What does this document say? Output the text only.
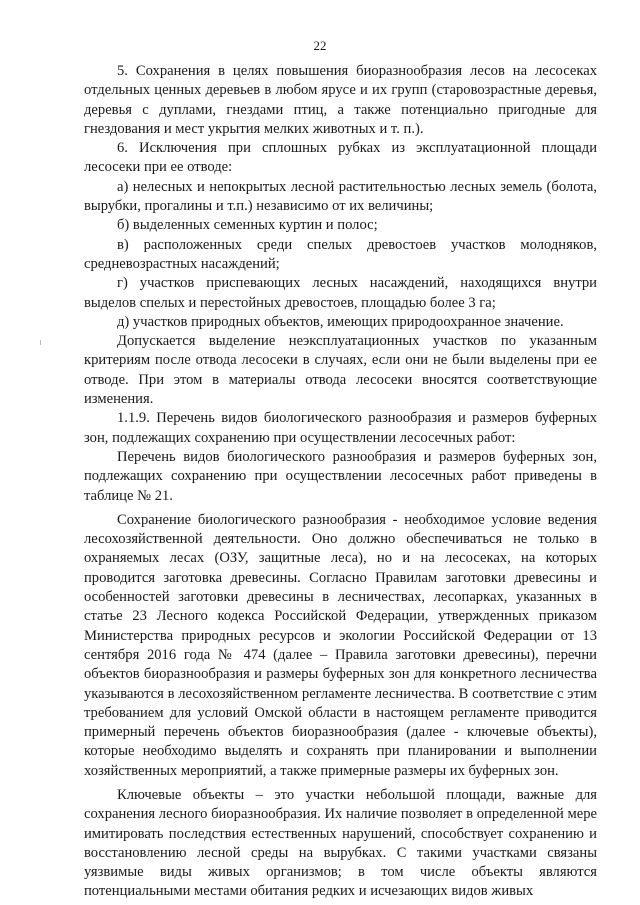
22

5. Сохранения в целях повышения биоразнообразия лесов на лесосеках отдельных ценных деревьев в любом ярусе и их групп (старовозрастные деревья, деревья с дуплами, гнездами птиц, а также потенциально пригодные для гнездования и мест укрытия мелких животных и т. п.).

6. Исключения при сплошных рубках из эксплуатационной площади лесосеки при ее отводе:

а) нелесных и непокрытых лесной растительностью лесных земель (болота, вырубки, прогалины и т.п.) независимо от их величины;

б) выделенных семенных куртин и полос;

в) расположенных среди спелых древостоев участков молодняков, средневозрастных насаждений;

г) участков приспевающих лесных насаждений, находящихся внутри выделов спелых и перестойных древостоев, площадью более 3 га;

д) участков природных объектов, имеющих природоохранное значение.

Допускается выделение неэксплуатационных участков по указанным критериям после отвода лесосеки в случаях, если они не были выделены при ее отводе. При этом в материалы отвода лесосеки вносятся соответствующие изменения.

1.1.9. Перечень видов биологического разнообразия и размеров буферных зон, подлежащих сохранению при осуществлении лесосечных работ:

Перечень видов биологического разнообразия и размеров буферных зон, подлежащих сохранению при осуществлении лесосечных работ приведены в таблице № 21.

Сохранение биологического разнообразия - необходимое условие ведения лесохозяйственной деятельности. Оно должно обеспечиваться не только в охраняемых лесах (ОЗУ, защитные леса), но и на лесосеках, на которых проводится заготовка древесины. Согласно Правилам заготовки древесины и особенностей заготовки древесины в лесничествах, лесопарках, указанных в статье 23 Лесного кодекса Российской Федерации, утвержденных приказом Министерства природных ресурсов и экологии Российской Федерации от 13 сентября 2016 года № 474 (далее – Правила заготовки древесины), перечни объектов биоразнообразия и размеры буферных зон для конкретного лесничества указываются в лесохозяйственном регламенте лесничества. В соответствие с этим требованием для условий Омской области в настоящем регламенте приводится примерный перечень объектов биоразнообразия (далее - ключевые объекты), которые необходимо выделять и сохранять при планировании и выполнении хозяйственных мероприятий, а также примерные размеры их буферных зон.

Ключевые объекты – это участки небольшой площади, важные для сохранения лесного биоразнообразия. Их наличие позволяет в определенной мере имитировать последствия естественных нарушений, способствует сохранению и восстановлению лесной среды на вырубках. С такими участками связаны уязвимые виды живых организмов; в том числе объекты являются потенциальными местами обитания редких и исчезающих видов живых
